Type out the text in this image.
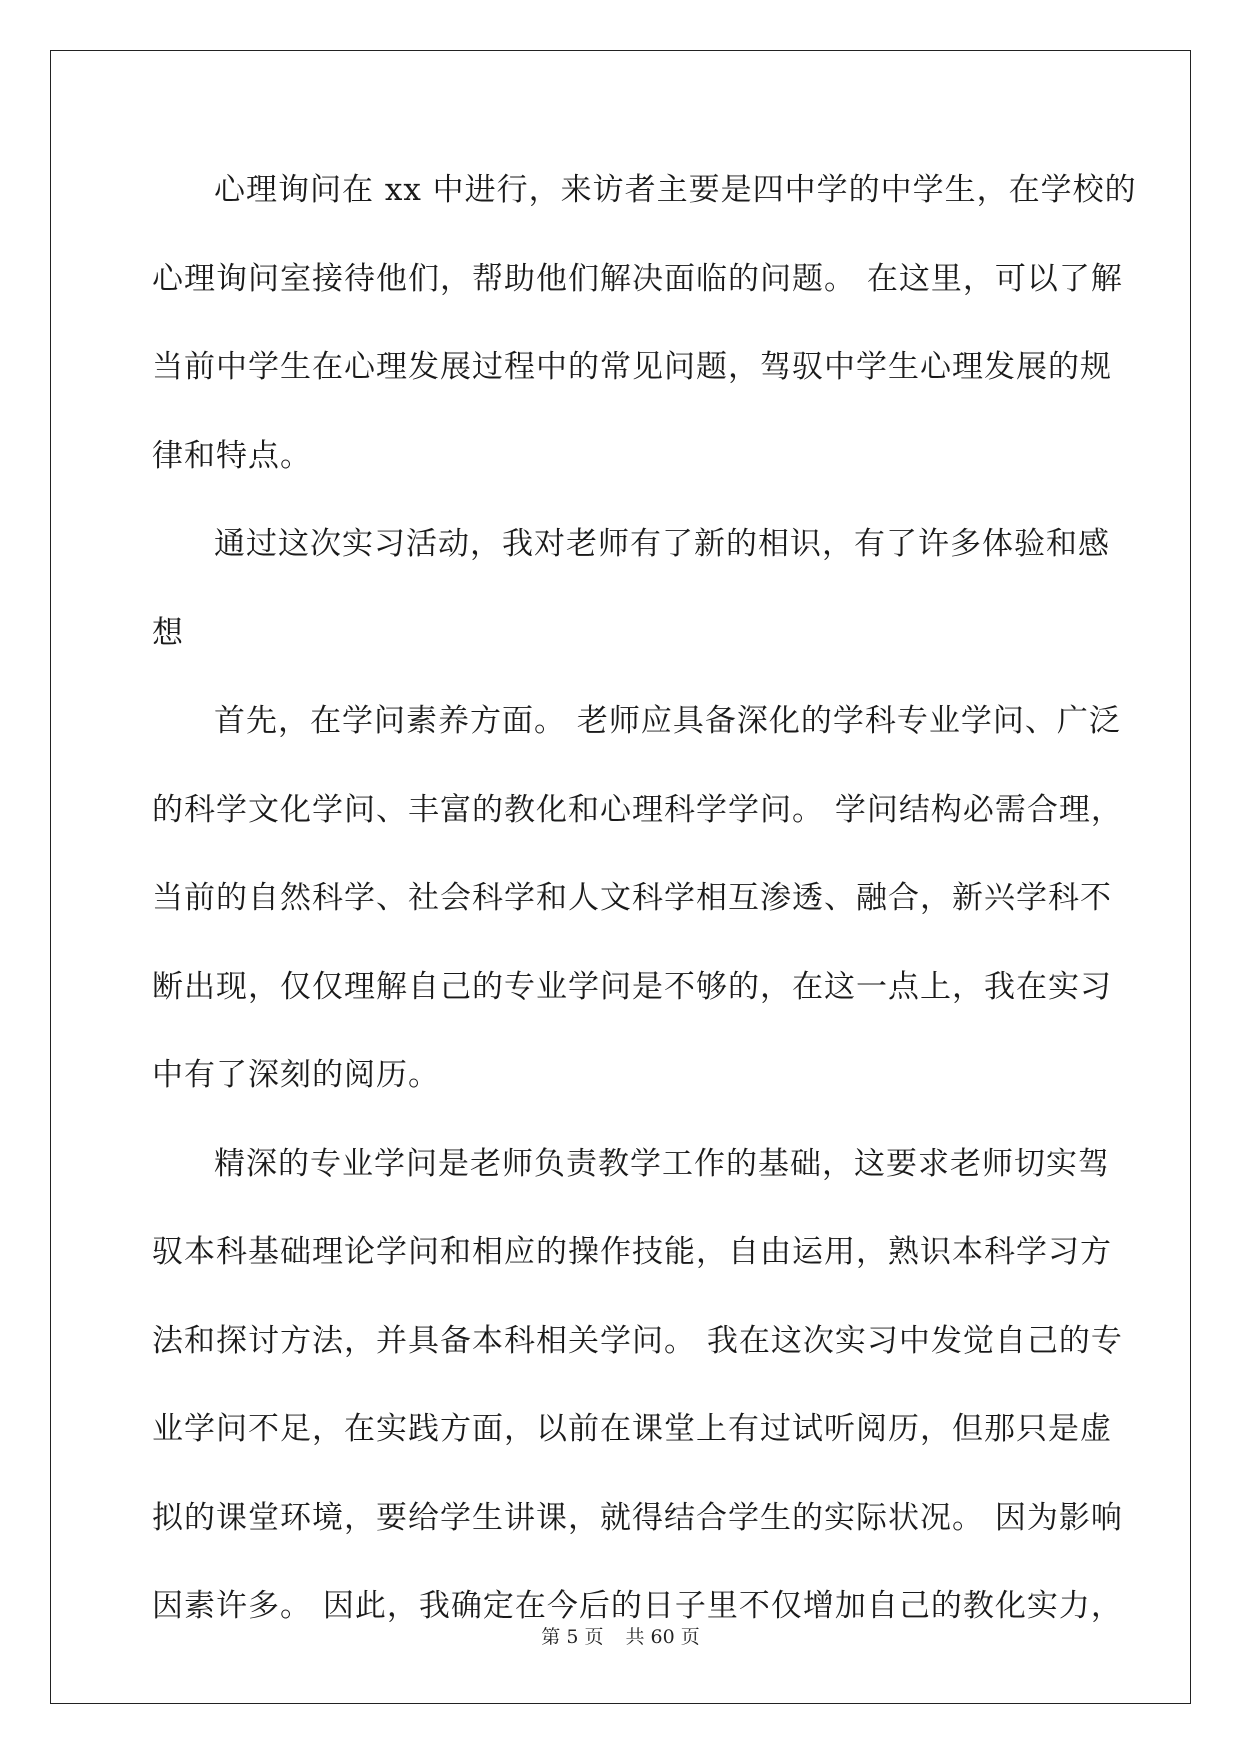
心理询问在 xx 中进行，来访者主要是四中学的中学生，在学校的
心理询问室接待他们，帮助他们解决面临的问题。 在这里，可以了解
当前中学生在心理发展过程中的常见问题，驾驭中学生心理发展的规
律和特点。
通过这次实习活动，我对老师有了新的相识，有了许多体验和感
想
首先，在学问素养方面。 老师应具备深化的学科专业学问、广泛
的科学文化学问、丰富的教化和心理科学学问。 学问结构必需合理，
当前的自然科学、社会科学和人文科学相互渗透、融合，新兴学科不
断出现，仅仅理解自己的专业学问是不够的，在这一点上，我在实习
中有了深刻的阅历。
精深的专业学问是老师负责教学工作的基础，这要求老师切实驾
驭本科基础理论学问和相应的操作技能，自由运用，熟识本科学习方
法和探讨方法，并具备本科相关学问。 我在这次实习中发觉自己的专
业学问不足，在实践方面，以前在课堂上有过试听阅历，但那只是虚
拟的课堂环境，要给学生讲课，就得结合学生的实际状况。 因为影响
因素许多。 因此，我确定在今后的日子里不仅增加自己的教化实力，
第 5 页 共 60 页
